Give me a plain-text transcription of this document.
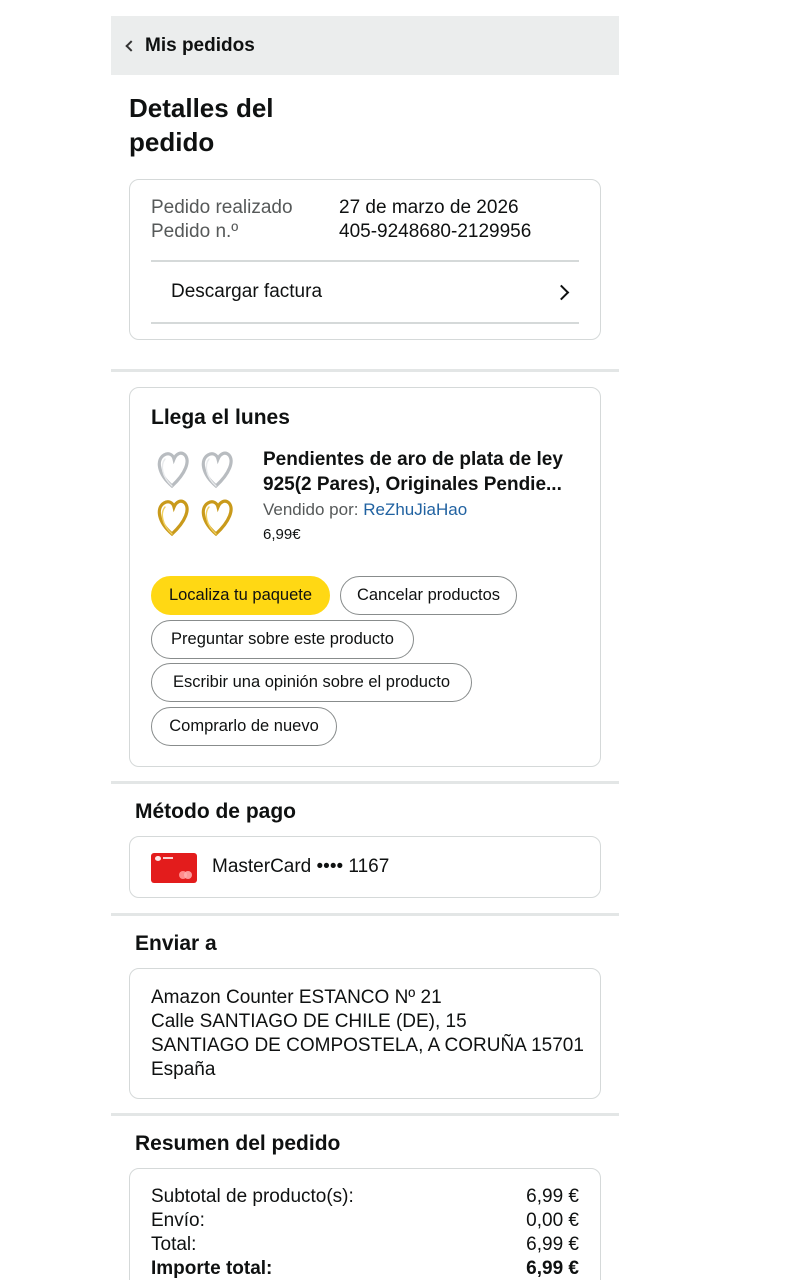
Mis pedidos
Detalles del pedido
Pedido realizado 27 de marzo de 2026
Pedido n.º	405-9248680-2129956
Descargar factura
Llega el lunes
Pendientes de aro de plata de ley 925(2 Pares), Originales Pendie...
Vendido por: ReZhuJiaHao
6,99€
Localiza tu paquete	Cancelar productos
Preguntar sobre este producto
Escribir una opinión sobre el producto
Comprarlo de nuevo
Método de pago
MasterCard •••• 1167
Enviar a
Amazon Counter ESTANCO Nº 21
Calle SANTIAGO DE CHILE (DE), 15
SANTIAGO DE COMPOSTELA, A CORUÑA 15701
España
Resumen del pedido
Subtotal de producto(s):	6,99 €
Envío:	0,00 €
Total:	6,99 €
Importe total:	6,99 €
